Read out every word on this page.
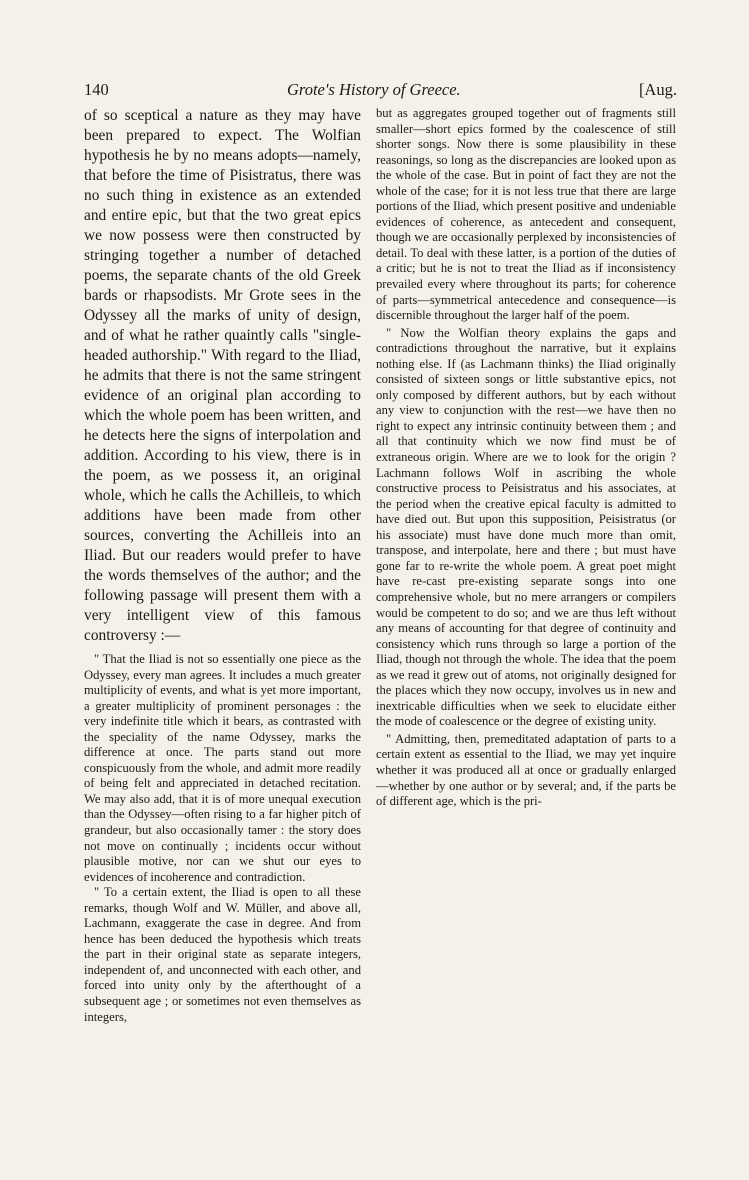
140	Grote's History of Greece.	[Aug.

of so sceptical a nature as they may have been prepared to expect. The Wolfian hypothesis he by no means adopts—namely, that before the time of Pisistratus, there was no such thing in existence as an extended and entire epic, but that the two great epics we now possess were then constructed by stringing together a number of detached poems, the separate chants of the old Greek bards or rhapsodists. Mr Grote sees in the Odyssey all the marks of unity of design, and of what he rather quaintly calls "single-headed authorship." With regard to the Iliad, he admits that there is not the same stringent evidence of an original plan according to which the whole poem has been written, and he detects here the signs of interpolation and addition. According to his view, there is in the poem, as we possess it, an original whole, which he calls the Achilleis, to which additions have been made from other sources, converting the Achilleis into an Iliad. But our readers would prefer to have the words themselves of the author; and the following passage will present them with a very intelligent view of this famous controversy :—

" That the Iliad is not so essentially one piece as the Odyssey, every man agrees. It includes a much greater multiplicity of events, and what is yet more important, a greater multiplicity of prominent personages : the very indefinite title which it bears, as contrasted with the speciality of the name Odyssey, marks the difference at once. The parts stand out more conspicuously from the whole, and admit more readily of being felt and appreciated in detached recitation. We may also add, that it is of more unequal execution than the Odyssey—often rising to a far higher pitch of grandeur, but also occasionally tamer : the story does not move on continually ; incidents occur without plausible motive, nor can we shut our eyes to evidences of incoherence and contradiction.

" To a certain extent, the Iliad is open to all these remarks, though Wolf and W. Müller, and above all, Lachmann, exaggerate the case in degree. And from hence has been deduced the hypothesis which treats the part in their original state as separate integers, independent of, and unconnected with each other, and forced into unity only by the afterthought of a subsequent age ; or sometimes not even themselves as integers,

but as aggregates grouped together out of fragments still smaller—short epics formed by the coalescence of still shorter songs. Now there is some plausibility in these reasonings, so long as the discrepancies are looked upon as the whole of the case. But in point of fact they are not the whole of the case; for it is not less true that there are large portions of the Iliad, which present positive and undeniable evidences of coherence, as antecedent and consequent, though we are occasionally perplexed by inconsistencies of detail. To deal with these latter, is a portion of the duties of a critic; but he is not to treat the Iliad as if inconsistency prevailed every where throughout its parts; for coherence of parts—symmetrical antecedence and consequence—is discernible throughout the larger half of the poem.

" Now the Wolfian theory explains the gaps and contradictions throughout the narrative, but it explains nothing else. If (as Lachmann thinks) the Iliad originally consisted of sixteen songs or little substantive epics, not only composed by different authors, but by each without any view to conjunction with the rest—we have then no right to expect any intrinsic continuity between them ; and all that continuity which we now find must be of extraneous origin. Where are we to look for the origin ? Lachmann follows Wolf in ascribing the whole constructive process to Peisistratus and his associates, at the period when the creative epical faculty is admitted to have died out. But upon this supposition, Peisistratus (or his associate) must have done much more than omit, transpose, and interpolate, here and there ; but must have gone far to re-write the whole poem. A great poet might have re-cast pre-existing separate songs into one comprehensive whole, but no mere arrangers or compilers would be competent to do so; and we are thus left without any means of accounting for that degree of continuity and consistency which runs through so large a portion of the Iliad, though not through the whole. The idea that the poem as we read it grew out of atoms, not originally designed for the places which they now occupy, involves us in new and inextricable difficulties when we seek to elucidate either the mode of coalescence or the degree of existing unity.

" Admitting, then, premeditated adaptation of parts to a certain extent as essential to the Iliad, we may yet inquire whether it was produced all at once or gradually enlarged—whether by one author or by several; and, if the parts be of different age, which is the pri-
